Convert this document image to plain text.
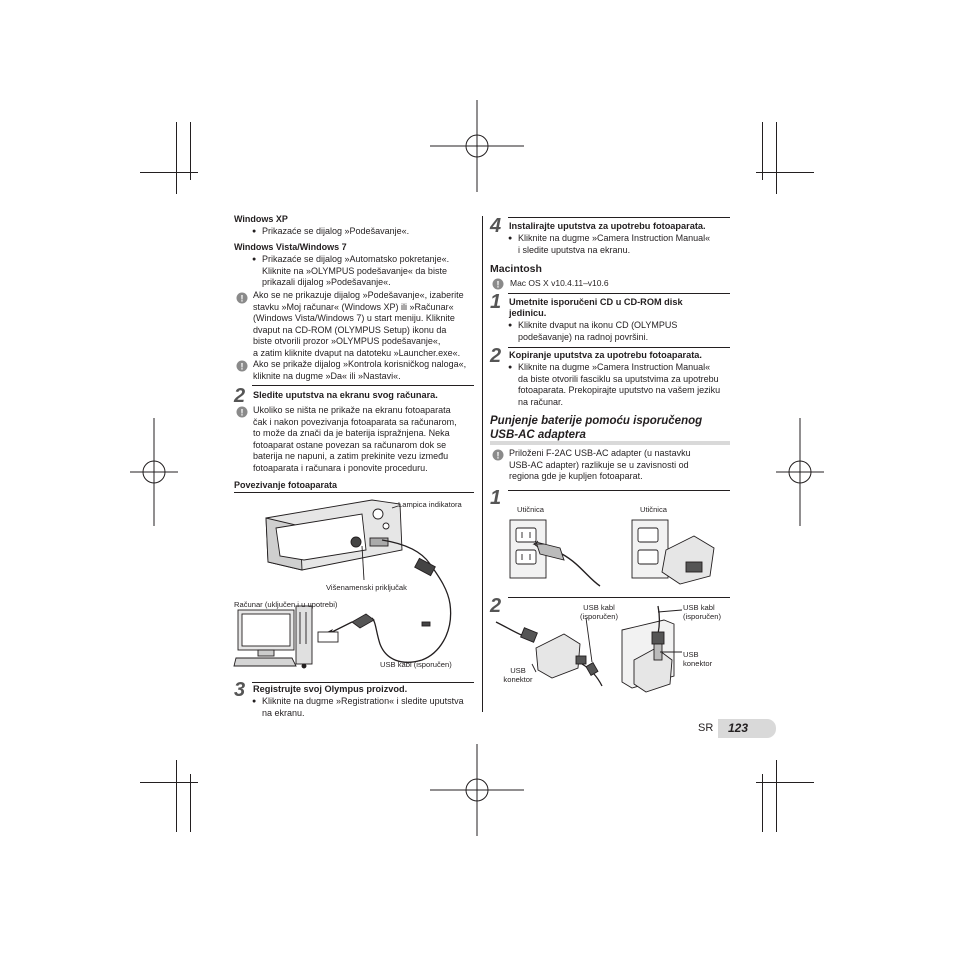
Windows XP
● Prikazaće se dijalog »Podešavanje«.
Windows Vista/Windows 7
● Prikazaće se dijalog »Automatsko pokretanje«.
Kliknite na »OLYMPUS podešavanje« da biste
prikazali dijalog »Podešavanje«.
! Ako se ne prikazuje dijalog »Podešavanje«, izaberite
stavku »Moj računar« (Windows XP) ili »Računar«
(Windows Vista/Windows 7) u start meniju. Kliknite
dvaput na CD-ROM (OLYMPUS Setup) ikonu da
biste otvorili prozor »OLYMPUS podešavanje«,
a zatim kliknite dvaput na datoteku »Launcher.exe«.
! Ako se prikaže dijalog »Kontrola korisničkog naloga«,
kliknite na dugme »Da« ili »Nastavi«.
2 Sledite uputstva na ekranu svog računara.
! Ukoliko se ništa ne prikaže na ekranu fotoaparata
čak i nakon povezivanja fotoaparata sa računarom,
to može da znači da je baterija ispražnjena. Neka
fotoaparat ostane povezan sa računarom dok se
baterija ne napuni, a zatim prekinite vezu između
fotoaparata i računara i ponovite proceduru.
Povezivanje fotoaparata
Lampica indikatora
Višenamenski priključak
Računar (uključen i u upotrebi)
USB kabl (isporučen)
3 Registrujte svoj Olympus proizvod.
● Kliknite na dugme »Registration« i sledite uputstva
na ekranu.
4 Instalirajte uputstva za upotrebu fotoaparata.
● Kliknite na dugme »Camera Instruction Manual«
i sledite uputstva na ekranu.
Macintosh
! Mac OS X v10.4.11–v10.6
1 Umetnite isporučeni CD u CD-ROM disk
jedinicu.
● Kliknite dvaput na ikonu CD (OLYMPUS
podešavanje) na radnoj površini.
2 Kopiranje uputstva za upotrebu fotoaparata.
● Kliknite na dugme »Camera Instruction Manual«
da biste otvorili fasciklu sa uputstvima za upotrebu
fotoaparata. Prekopirajte uputstvo na vašem jeziku
na računar.
Punjenje baterije pomoću isporučenog
USB-AC adaptera
! Priloženi F-2AC USB-AC adapter (u nastavku
USB-AC adapter) razlikuje se u zavisnosti od
regiona gde je kupljen fotoaparat.
1
Utičnica	Utičnica
2	USB kabl
(isporučen)
USB kabl
(isporučen)
USB
konektor
USB
konektor
SR 123
